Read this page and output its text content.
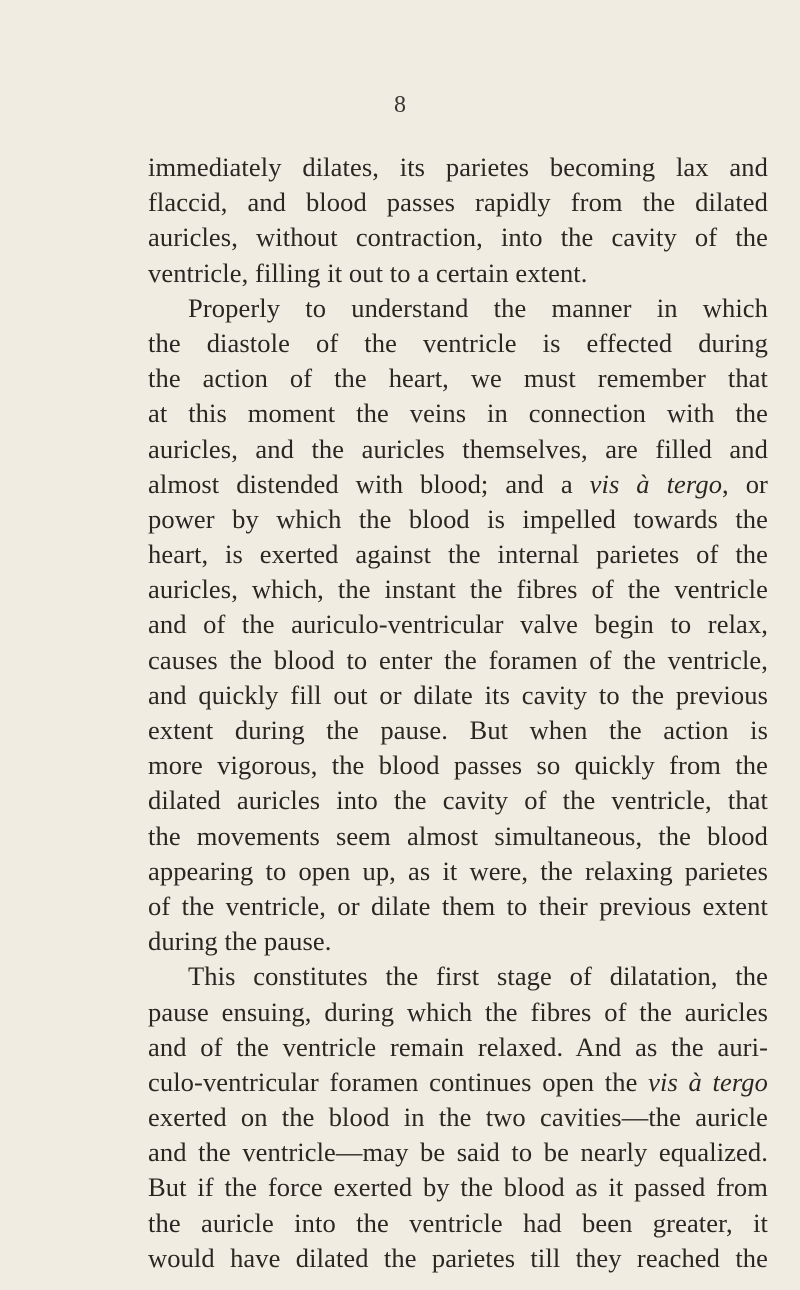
8
immediately dilates, its parietes becoming lax and
flaccid, and blood passes rapidly from the dilated
auricles, without contraction, into the cavity of the
ventricle, filling it out to a certain extent.
Properly to understand the manner in which
the diastole of the ventricle is effected during
the action of the heart, we must remember that
at this moment the veins in connection with the
auricles, and the auricles themselves, are filled and
almost distended with blood; and a vis à tergo, or
power by which the blood is impelled towards the
heart, is exerted against the internal parietes of the
auricles, which, the instant the fibres of the ventricle
and of the auriculo-ventricular valve begin to relax,
causes the blood to enter the foramen of the ventricle,
and quickly fill out or dilate its cavity to the previous
extent during the pause. But when the action is
more vigorous, the blood passes so quickly from the
dilated auricles into the cavity of the ventricle, that
the movements seem almost simultaneous, the blood
appearing to open up, as it were, the relaxing parietes
of the ventricle, or dilate them to their previous extent
during the pause.
This constitutes the first stage of dilatation, the
pause ensuing, during which the fibres of the auricles
and of the ventricle remain relaxed. And as the auri-
culo-ventricular foramen continues open the vis à tergo
exerted on the blood in the two cavities—the auricle
and the ventricle—may be said to be nearly equalized.
But if the force exerted by the blood as it passed from
the auricle into the ventricle had been greater, it
would have dilated the parietes till they reached the
